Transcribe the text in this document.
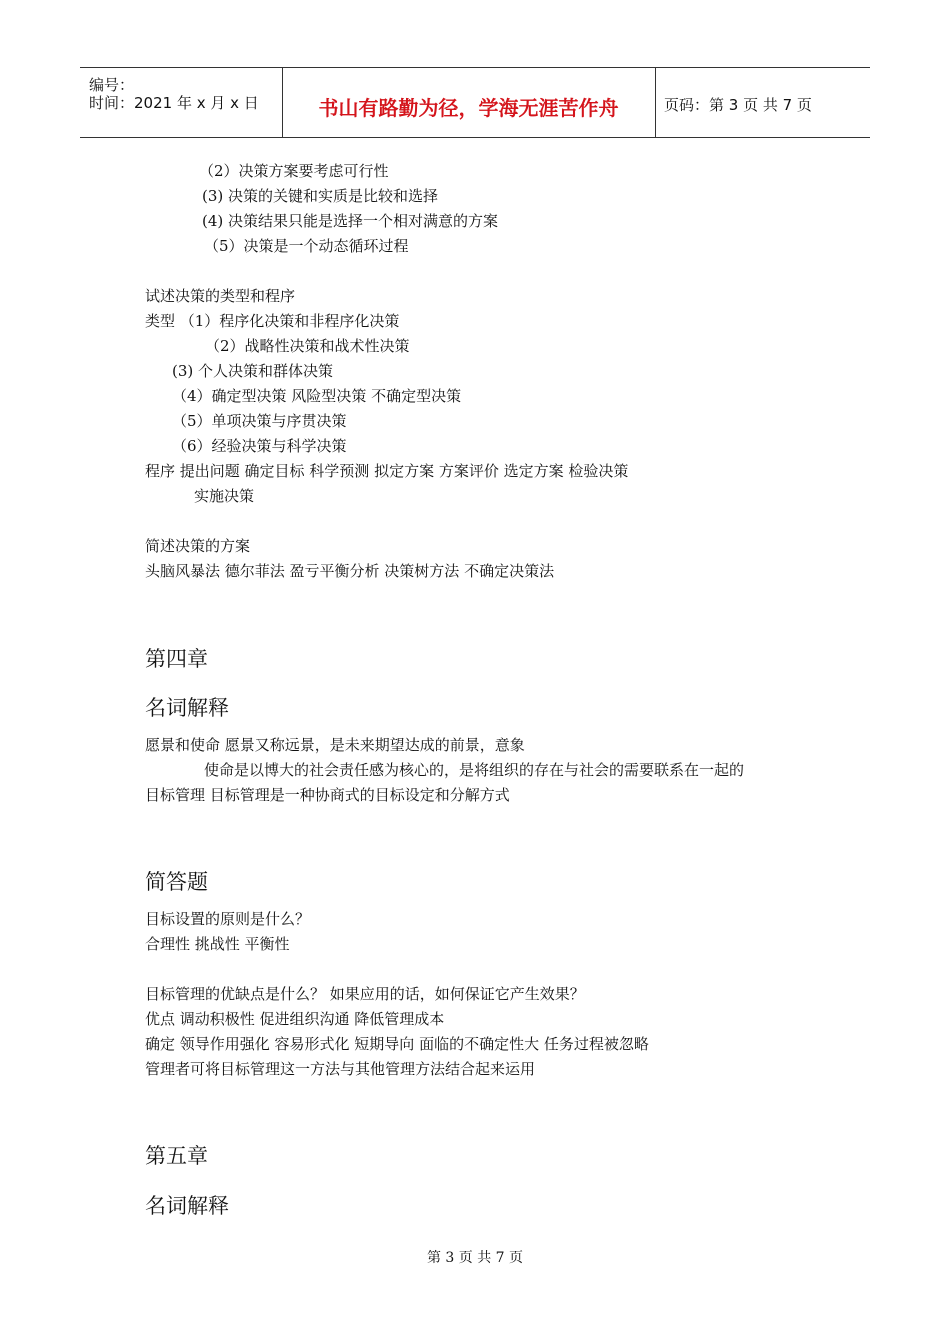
编号：
时间：2021 年 x 月 x 日	书山有路勤为径，学海无涯苦作舟	页码：第 3 页 共 7 页
（2）决策方案要考虑可行性
(3) 决策的关键和实质是比较和选择
(4) 决策结果只能是选择一个相对满意的方案
（5）决策是一个动态循环过程
试述决策的类型和程序
类型 （1）程序化决策和非程序化决策
（2）战略性决策和战术性决策
(3) 个人决策和群体决策
（4）确定型决策 风险型决策 不确定型决策
（5）单项决策与序贯决策
（6）经验决策与科学决策
程序 提出问题 确定目标 科学预测 拟定方案 方案评价 选定方案 检验决策
实施决策
简述决策的方案
头脑风暴法 德尔菲法 盈亏平衡分析 决策树方法 不确定决策法
第四章
名词解释
愿景和使命 愿景又称远景，是未来期望达成的前景，意象
使命是以博大的社会责任感为核心的，是将组织的存在与社会的需要联系在一起的
目标管理 目标管理是一种协商式的目标设定和分解方式
简答题
目标设置的原则是什么？
合理性 挑战性 平衡性
目标管理的优缺点是什么？ 如果应用的话，如何保证它产生效果？
优点 调动积极性 促进组织沟通 降低管理成本
确定 领导作用强化 容易形式化 短期导向 面临的不确定性大 任务过程被忽略
管理者可将目标管理这一方法与其他管理方法结合起来运用
第五章
名词解释
第 3 页 共 7 页
